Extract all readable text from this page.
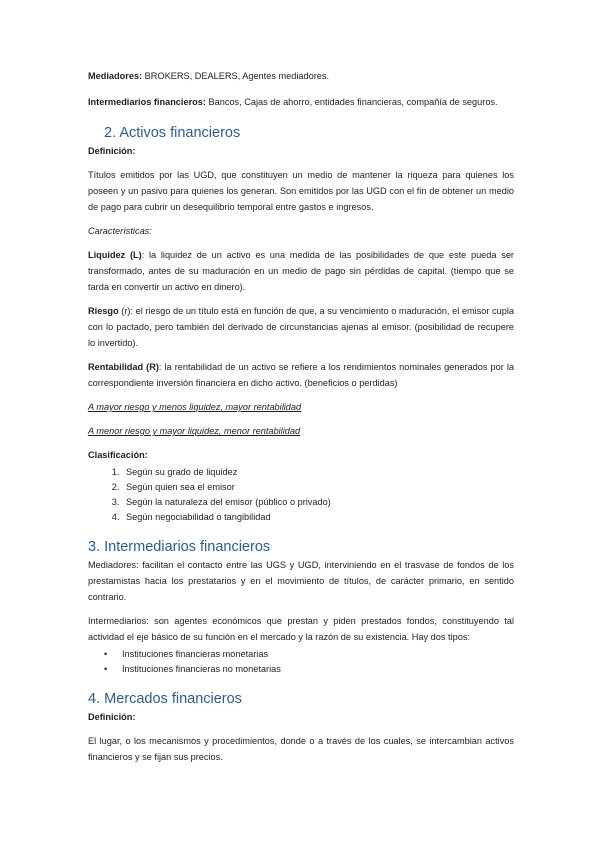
Mediadores: BROKERS, DEALERS, Agentes mediadores.

Intermediarios financieros: Bancos, Cajas de ahorro, entidades financieras, compañía de seguros.

2. Activos financieros

Definición:

Títulos emitidos por las UGD, que constituyen un medio de mantener la riqueza para quienes los poseen y un pasivo para quienes los generan. Son emitidos por las UGD con el fin de obtener un medio de pago para cubrir un desequilibrio temporal entre gastos e ingresos.

Características:

Liquidez (L): la liquidez de un activo es una medida de las posibilidades de que este pueda ser transformado, antes de su maduración en un medio de pago sin pérdidas de capital. (tiempo que se tarda en convertir un activo en dinero).

Riesgo (r): el riesgo de un título está en función de que, a su vencimiento o maduración, el emisor cupla con lo pactado, pero también del derivado de circunstancias ajenas al emisor. (posibilidad de recupere lo invertido).

Rentabilidad (R): la rentabilidad de un activo se refiere a los rendimientos nominales generados por la correspondiente inversión financiera en dicho activo. (beneficios o perdidas)

A mayor riesgo y menos liquidez, mayor rentabilidad

A menor riesgo y mayor liquidez, menor rentabilidad

Clasificación:

1. Según su grado de liquidez
2. Según quien sea el emisor
3. Según la naturaleza del emisor (público o privado)
4. Según negociabilidad o tangibilidad
3. Intermediarios financieros

Mediadores: facilitan el contacto entre las UGS y UGD, interviniendo en el trasvase de fondos de los prestamistas hacia los prestatarios y en el movimiento de títulos, de carácter primario, en sentido contrario.

Intermediarios: son agentes económicos que prestan y piden prestados fondos, constituyendo tal actividad el eje básico de su función en el mercado y la razón de su existencia. Hay dos tipos:

• Instituciones financieras monetarias
• Instituciones financieras no monetarias
4. Mercados financieros

Definición:

El lugar, o los mecanismos y procedimientos, donde o a través de los cuales, se intercambian activos financieros y se fijan sus precios.
